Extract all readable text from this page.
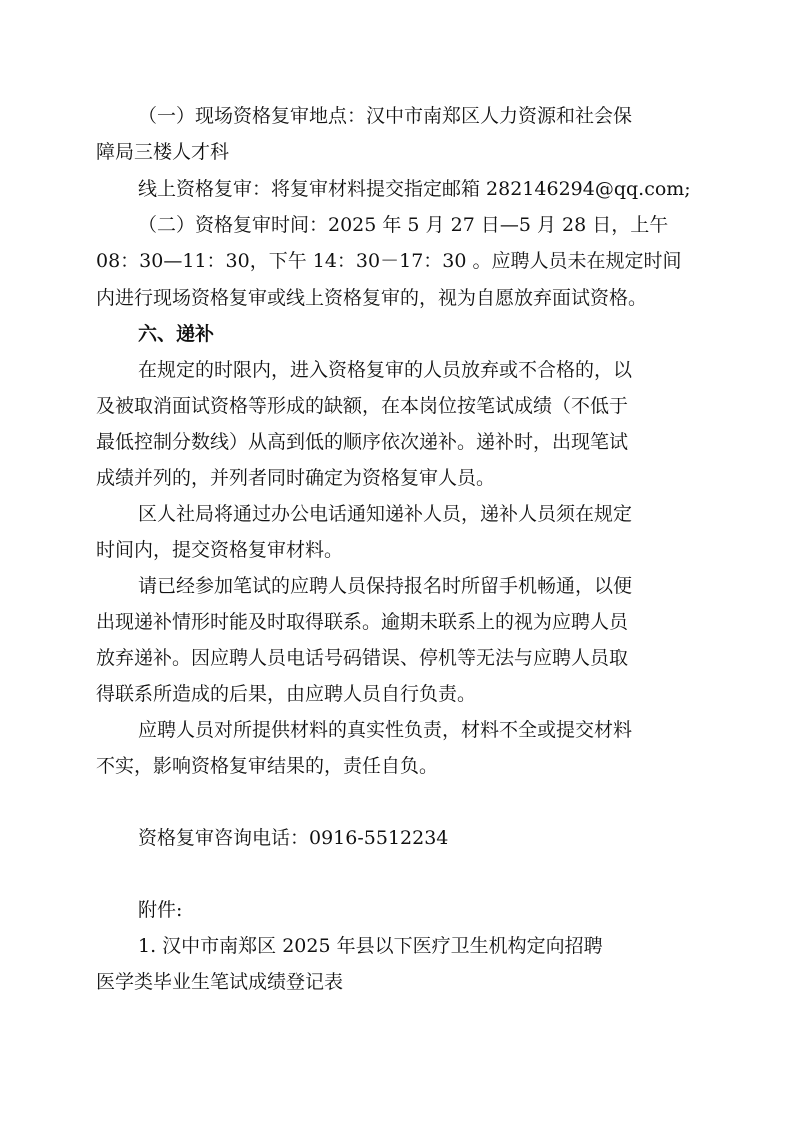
（一）现场资格复审地点：汉中市南郑区人力资源和社会保
障局三楼人才科
线上资格复审：将复审材料提交指定邮箱 282146294@qq.com;
（二）资格复审时间：2025 年 5 月 27 日—5 月 28 日，上午
08：30—11：30，下午 14：30－17：30 。应聘人员未在规定时间
内进行现场资格复审或线上资格复审的，视为自愿放弃面试资格。
六、递补
在规定的时限内，进入资格复审的人员放弃或不合格的，以
及被取消面试资格等形成的缺额，在本岗位按笔试成绩（不低于
最低控制分数线）从高到低的顺序依次递补。递补时，出现笔试
成绩并列的，并列者同时确定为资格复审人员。
区人社局将通过办公电话通知递补人员，递补人员须在规定
时间内，提交资格复审材料。
请已经参加笔试的应聘人员保持报名时所留手机畅通，以便
出现递补情形时能及时取得联系。逾期未联系上的视为应聘人员
放弃递补。因应聘人员电话号码错误、停机等无法与应聘人员取
得联系所造成的后果，由应聘人员自行负责。
应聘人员对所提供材料的真实性负责，材料不全或提交材料
不实，影响资格复审结果的，责任自负。
资格复审咨询电话：0916-5512234
附件:
1. 汉中市南郑区 2025 年县以下医疗卫生机构定向招聘
医学类毕业生笔试成绩登记表
